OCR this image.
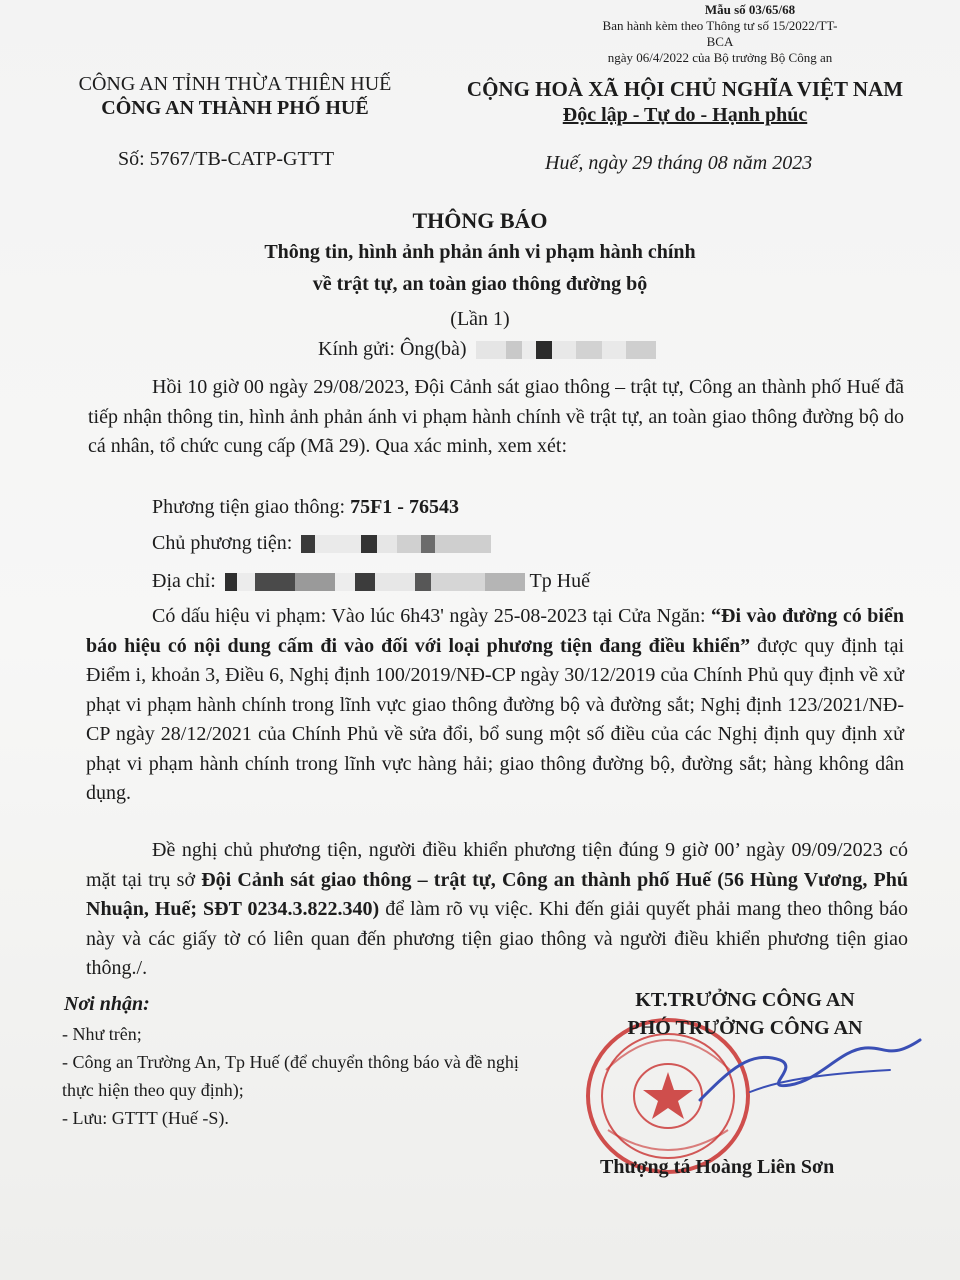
Mẫu số 03/65/68
Ban hành kèm theo Thông tư số 15/2022/TT-BCA
ngày 06/4/2022 của Bộ trưởng Bộ Công an
CÔNG AN TỈNH THỪA THIÊN HUẾ
CÔNG AN THÀNH PHỐ HUẾ
CỘNG HOÀ XÃ HỘI CHỦ NGHĨA VIỆT NAM
Độc lập - Tự do - Hạnh phúc
Số: 5767/TB-CATP-GTTT	Huế, ngày 29 tháng 08 năm 2023
THÔNG BÁO
Thông tin, hình ảnh phản ánh vi phạm hành chính
về trật tự, an toàn giao thông đường bộ
(Lần 1)
Kính gửi: Ông(bà)
Hồi 10 giờ 00 ngày 29/08/2023, Đội Cảnh sát giao thông – trật tự, Công an thành phố Huế đã tiếp nhận thông tin, hình ảnh phản ánh vi phạm hành chính về trật tự, an toàn giao thông đường bộ do cá nhân, tổ chức cung cấp (Mã 29). Qua xác minh, xem xét:
Phương tiện giao thông: 75F1 - 76543
Chủ phương tiện:
Địa chỉ:	Tp Huế
Có dấu hiệu vi phạm: Vào lúc 6h43' ngày 25-08-2023 tại Cửa Ngăn: “Đi vào đường có biển báo hiệu có nội dung cấm đi vào đối với loại phương tiện đang điều khiển” được quy định tại Điểm i, khoản 3, Điều 6, Nghị định 100/2019/NĐ-CP ngày 30/12/2019 của Chính Phủ quy định về xử phạt vi phạm hành chính trong lĩnh vực giao thông đường bộ và đường sắt; Nghị định 123/2021/NĐ-CP ngày 28/12/2021 của Chính Phủ về sửa đổi, bổ sung một số điều của các Nghị định quy định xử phạt vi phạm hành chính trong lĩnh vực hàng hải; giao thông đường bộ, đường sắt; hàng không dân dụng.
Đề nghị chủ phương tiện, người điều khiển phương tiện đúng 9 giờ 00’ ngày 09/09/2023 có mặt tại trụ sở Đội Cảnh sát giao thông – trật tự, Công an thành phố Huế (56 Hùng Vương, Phú Nhuận, Huế; SĐT 0234.3.822.340) để làm rõ vụ việc. Khi đến giải quyết phải mang theo thông báo này và các giấy tờ có liên quan đến phương tiện giao thông và người điều khiển phương tiện giao thông./.
Nơi nhận:
- Như trên;
- Công an Trường An, Tp Huế (để chuyển thông báo và đề nghị thực hiện theo quy định);
- Lưu: GTTT (Huế -S).
KT.TRƯỞNG CÔNG AN
PHÓ TRƯỞNG CÔNG AN
Thượng tá Hoàng Liên Sơn
